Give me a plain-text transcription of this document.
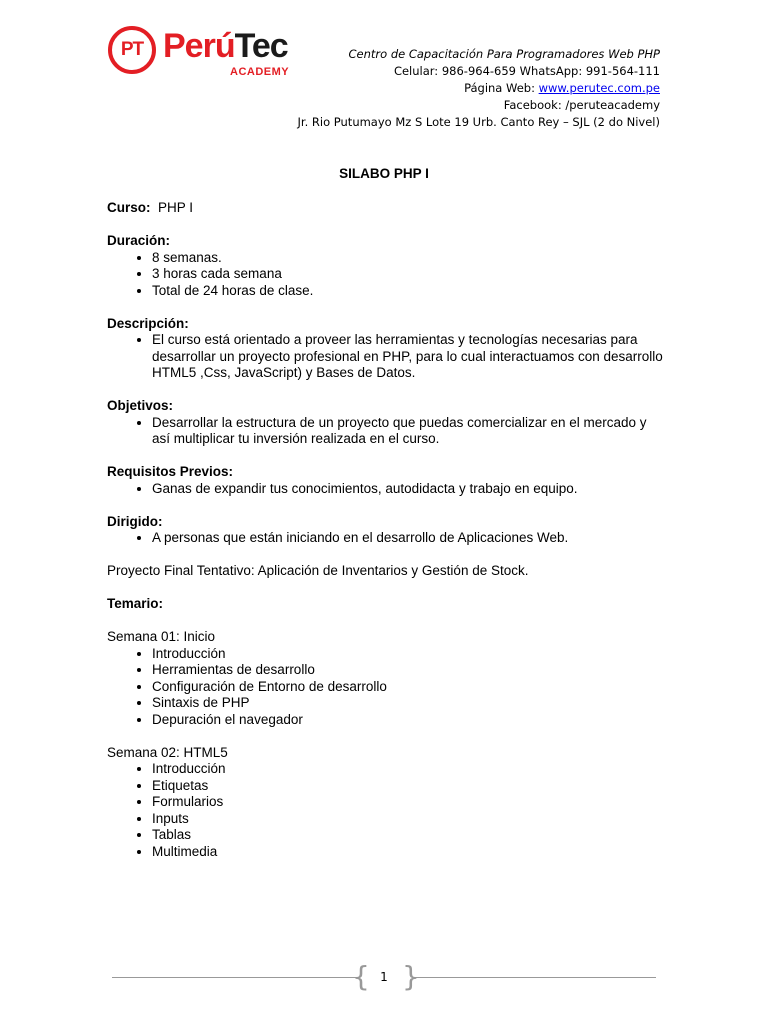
PT PerúTec
ACADEMY
Centro de Capacitación Para Programadores Web PHP
Celular: 986-964-659 WhatsApp: 991-564-111
Página Web: www.perutec.com.pe
Facebook: /peruteacademy
Jr. Rio Putumayo Mz S Lote 19 Urb. Canto Rey – SJL (2 do Nivel)
SILABO PHP I

Curso: PHP I

Duración:

• 8 semanas.
• 3 horas cada semana
• Total de 24 horas de clase.

Descripción:

• El curso está orientado a proveer las herramientas y tecnologías necesarias para desarrollar un proyecto profesional en PHP, para lo cual interactuamos con desarrollo HTML5 ,Css, JavaScript) y Bases de Datos.

Objetivos:

• Desarrollar la estructura de un proyecto que puedas comercializar en el mercado y así multiplicar tu inversión realizada en el curso.

Requisitos Previos:

• Ganas de expandir tus conocimientos, autodidacta y trabajo en equipo.

Dirigido:

• A personas que están iniciando en el desarrollo de Aplicaciones Web.

Proyecto Final Tentativo: Aplicación de Inventarios y Gestión de Stock.

Temario:

Semana 01: Inicio

• Introducción
• Herramientas de desarrollo
• Configuración de Entorno de desarrollo
• Sintaxis de PHP
• Depuración el navegador

Semana 02: HTML5

• Introducción
• Etiquetas
• Formularios
• Inputs
• Tablas
• Multimedia
{ }
1
